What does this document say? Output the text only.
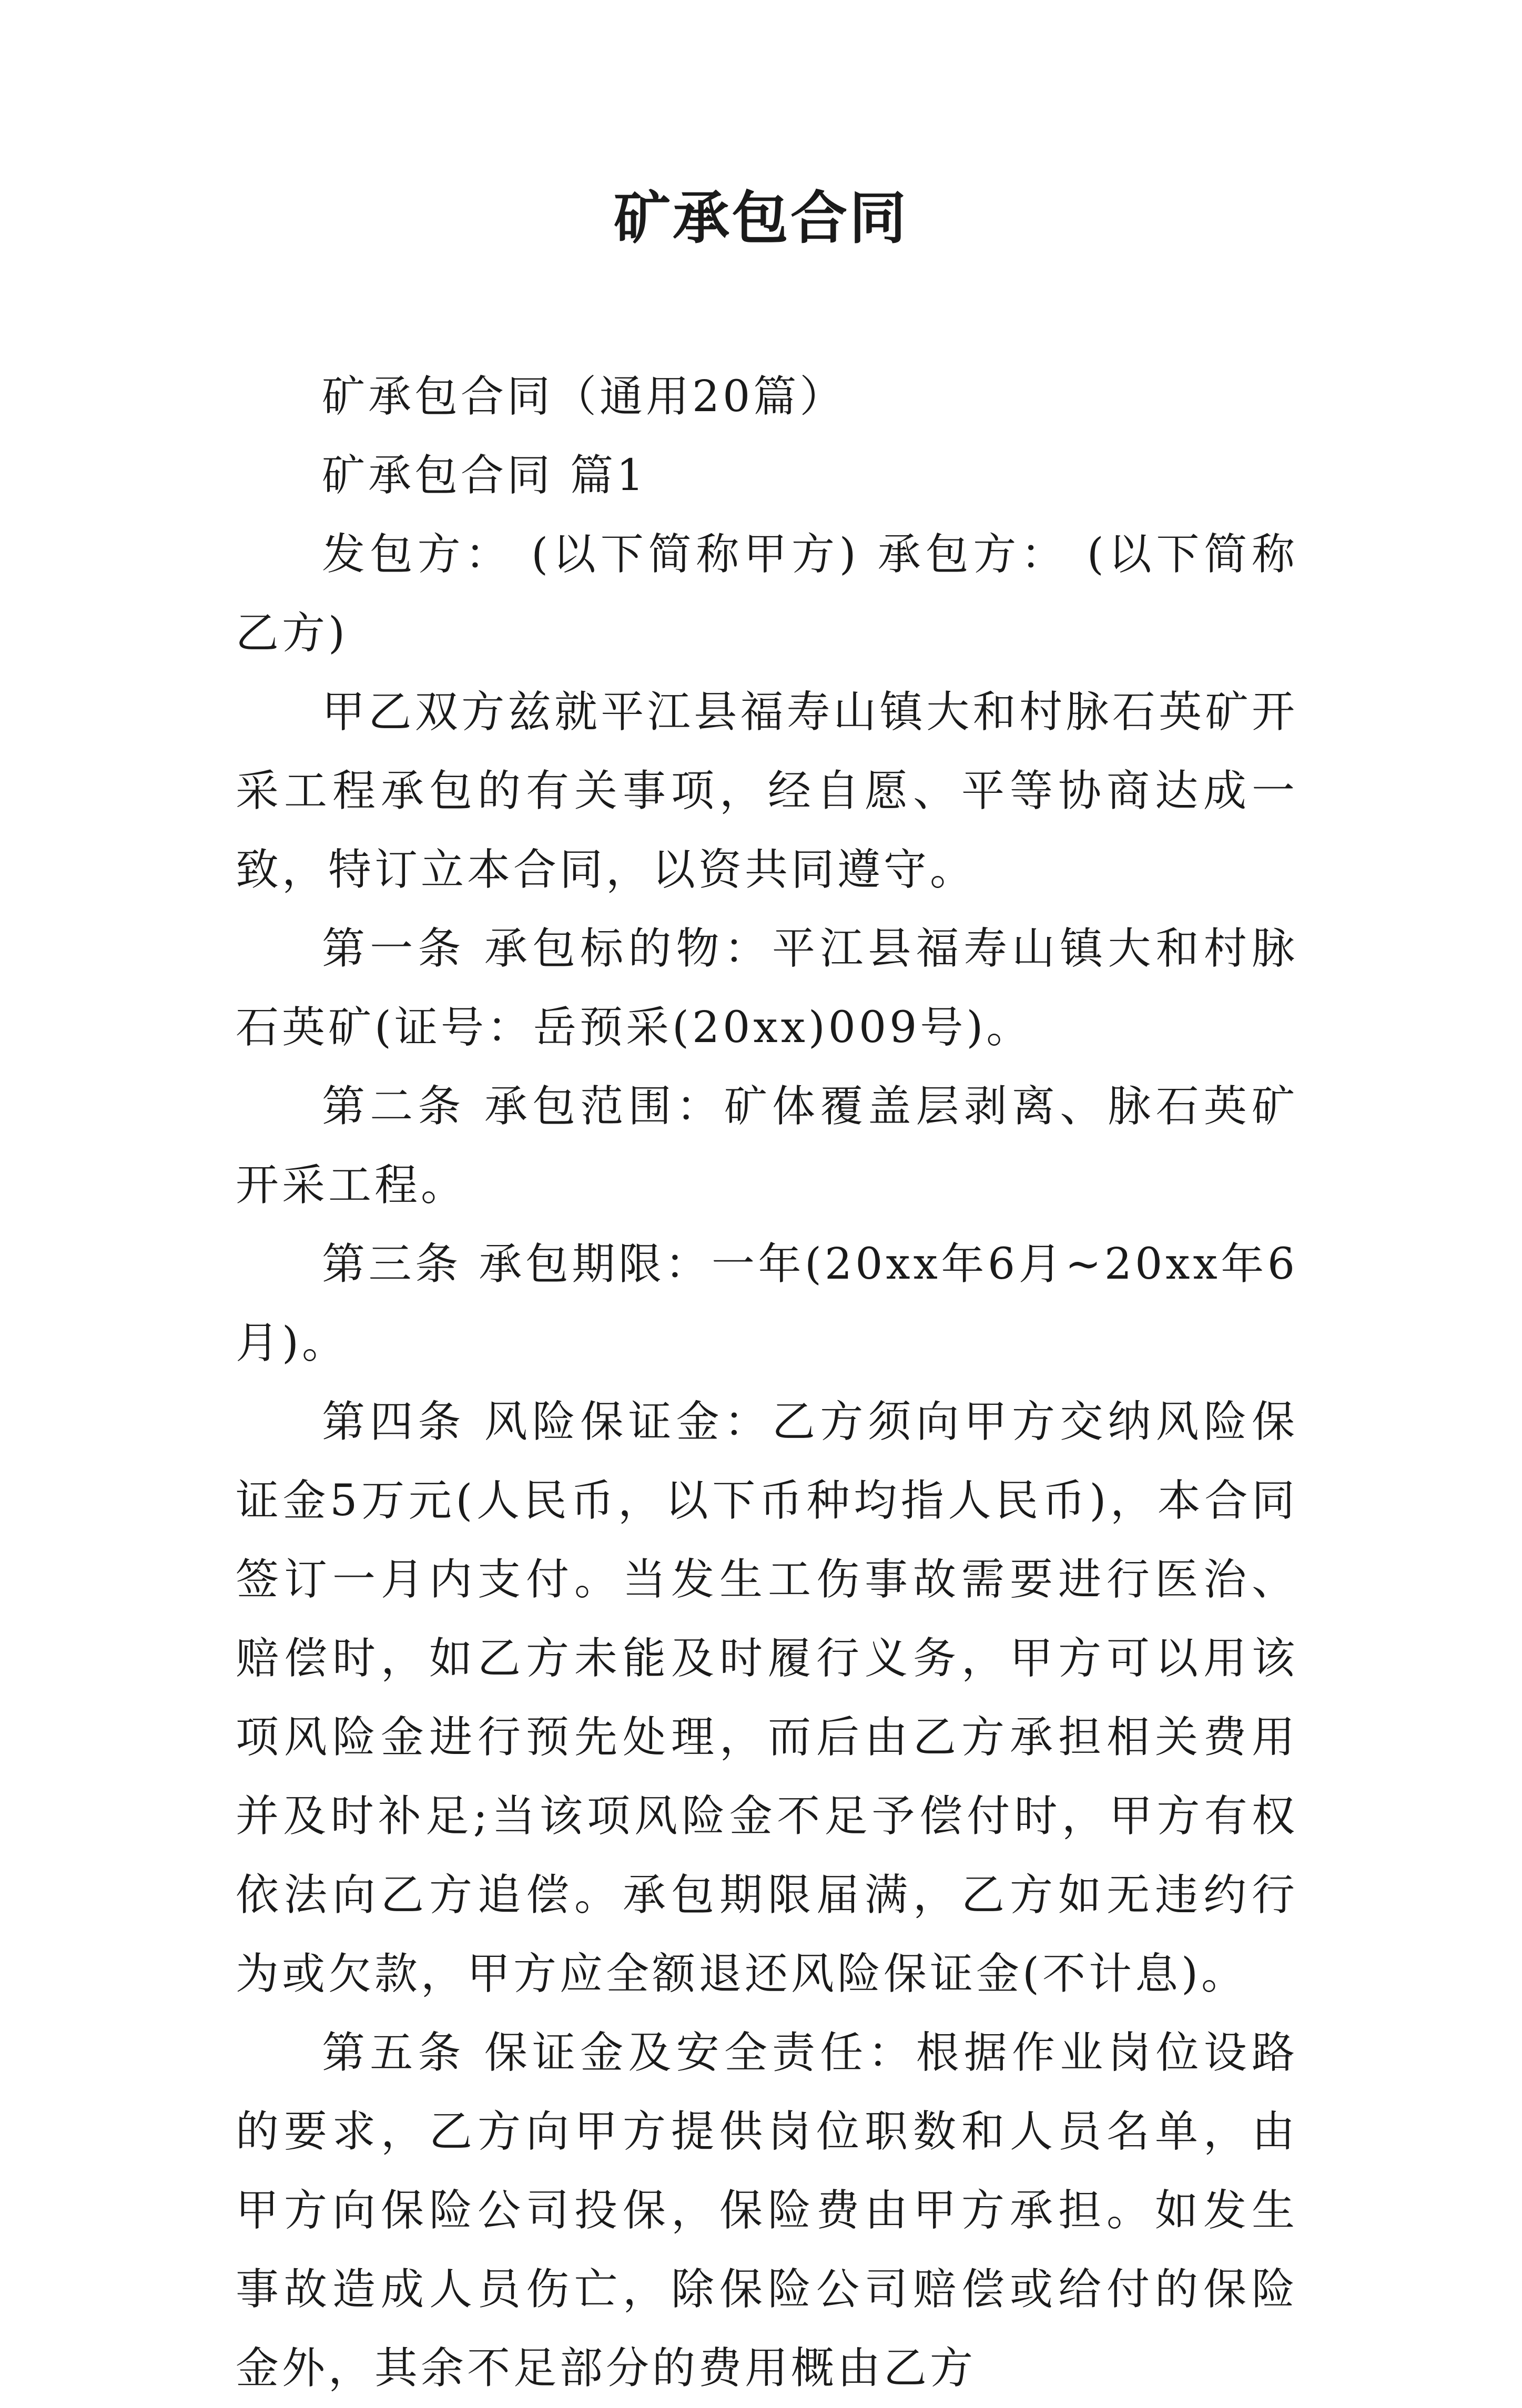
矿承包合同

矿承包合同（通用20篇）

矿承包合同 篇1

发包方： (以下简称甲方) 承包方： (以下简称乙方)

甲乙双方兹就平江县福寿山镇大和村脉石英矿开采工程承包的有关事项，经自愿、平等协商达成一致，特订立本合同，以资共同遵守。

第一条 承包标的物：平江县福寿山镇大和村脉石英矿(证号：岳预采(20xx)009号)。

第二条 承包范围：矿体覆盖层剥离、脉石英矿开采工程。

第三条 承包期限：一年(20xx年6月~20xx年6月)。

第四条 风险保证金：乙方须向甲方交纳风险保证金5万元(人民币，以下币种均指人民币)，本合同签订一月内支付。当发生工伤事故需要进行医治、赔偿时，如乙方未能及时履行义务，甲方可以用该项风险金进行预先处理，而后由乙方承担相关费用并及时补足;当该项风险金不足予偿付时，甲方有权依法向乙方追偿。承包期限届满，乙方如无违约行为或欠款，甲方应全额退还风险保证金(不计息)。

第五条 保证金及安全责任：根据作业岗位设路的要求，乙方向甲方提供岗位职数和人员名单，由甲方向保险公司投保，保险费由甲方承担。如发生事故造成人员伤亡，除保险公司赔偿或给付的保险金外，其余不足部分的费用概由乙方
